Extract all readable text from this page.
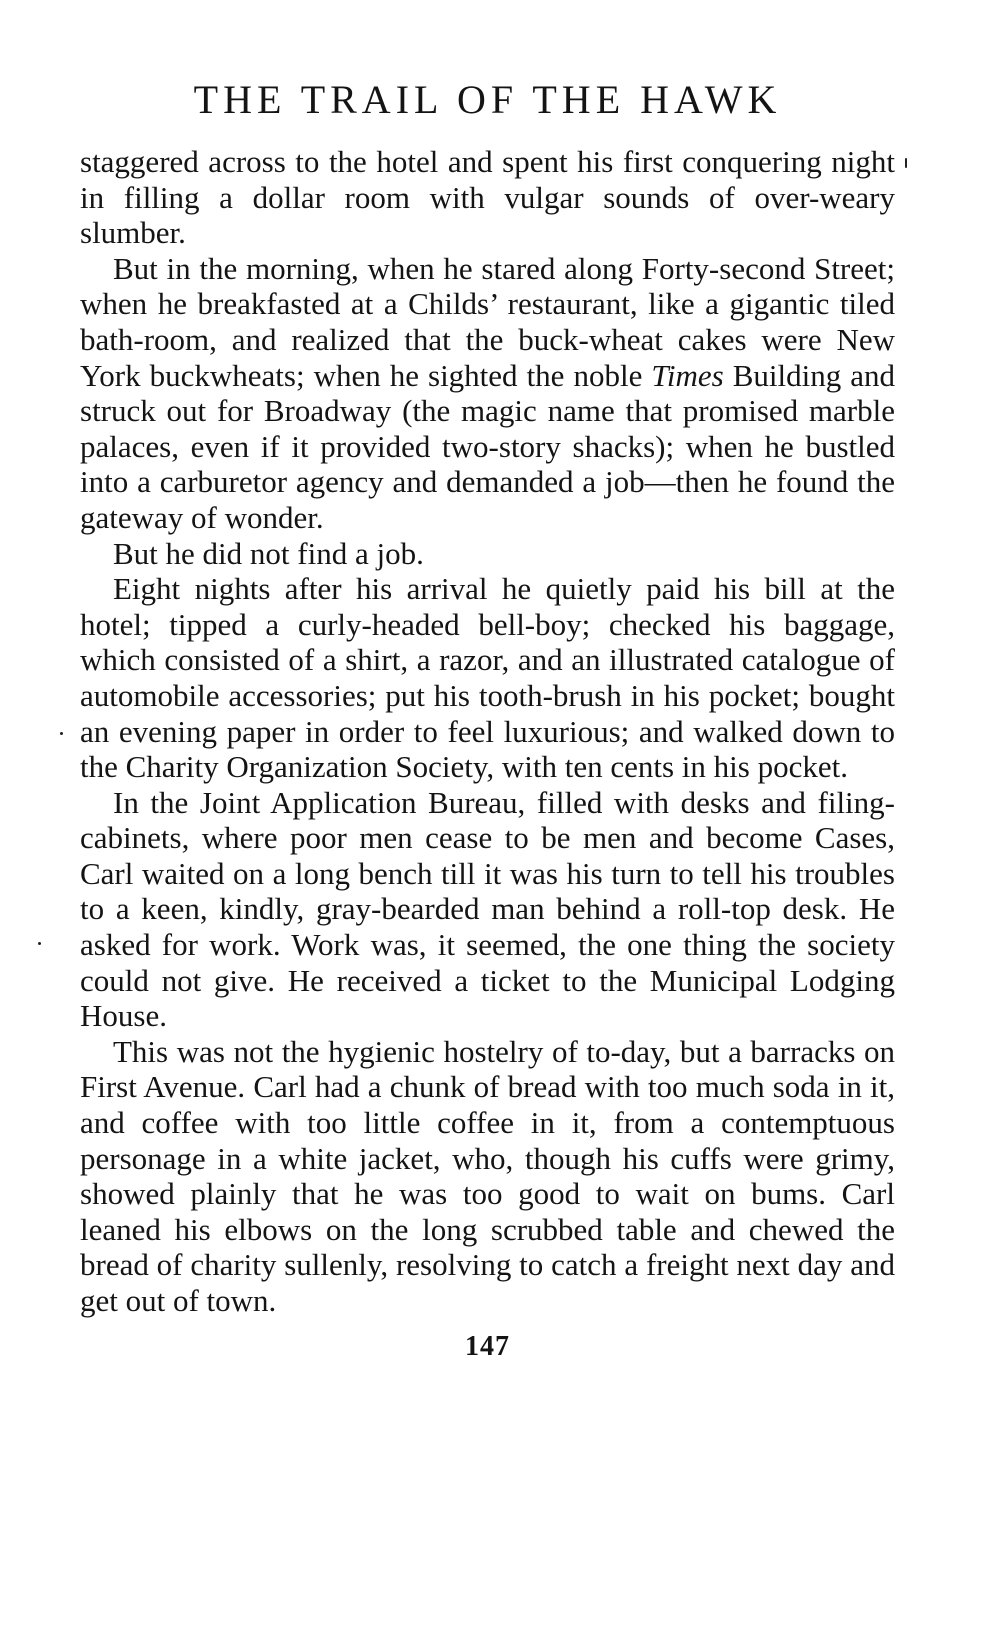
THE TRAIL OF THE HAWK

staggered across to the hotel and spent his first conquering night in filling a dollar room with vulgar sounds of over-weary slumber.

But in the morning, when he stared along Forty-second Street; when he breakfasted at a Childs’ restaurant, like a gigantic tiled bath-room, and realized that the buck-wheat cakes were New York buckwheats; when he sighted the noble Times Building and struck out for Broadway (the magic name that promised marble palaces, even if it provided two-story shacks); when he bustled into a carburetor agency and demanded a job—then he found the gateway of wonder.

But he did not find a job.

Eight nights after his arrival he quietly paid his bill at the hotel; tipped a curly-headed bell-boy; checked his baggage, which consisted of a shirt, a razor, and an illustrated catalogue of automobile accessories; put his tooth-brush in his pocket; bought an evening paper in order to feel luxurious; and walked down to the Charity Organization Society, with ten cents in his pocket.

In the Joint Application Bureau, filled with desks and filing-cabinets, where poor men cease to be men and become Cases, Carl waited on a long bench till it was his turn to tell his troubles to a keen, kindly, gray-bearded man behind a roll-top desk. He asked for work. Work was, it seemed, the one thing the society could not give. He received a ticket to the Municipal Lodging House.

This was not the hygienic hostelry of to-day, but a barracks on First Avenue. Carl had a chunk of bread with too much soda in it, and coffee with too little coffee in it, from a contemptuous personage in a white jacket, who, though his cuffs were grimy, showed plainly that he was too good to wait on bums. Carl leaned his elbows on the long scrubbed table and chewed the bread of charity sullenly, resolving to catch a freight next day and get out of town.

147
